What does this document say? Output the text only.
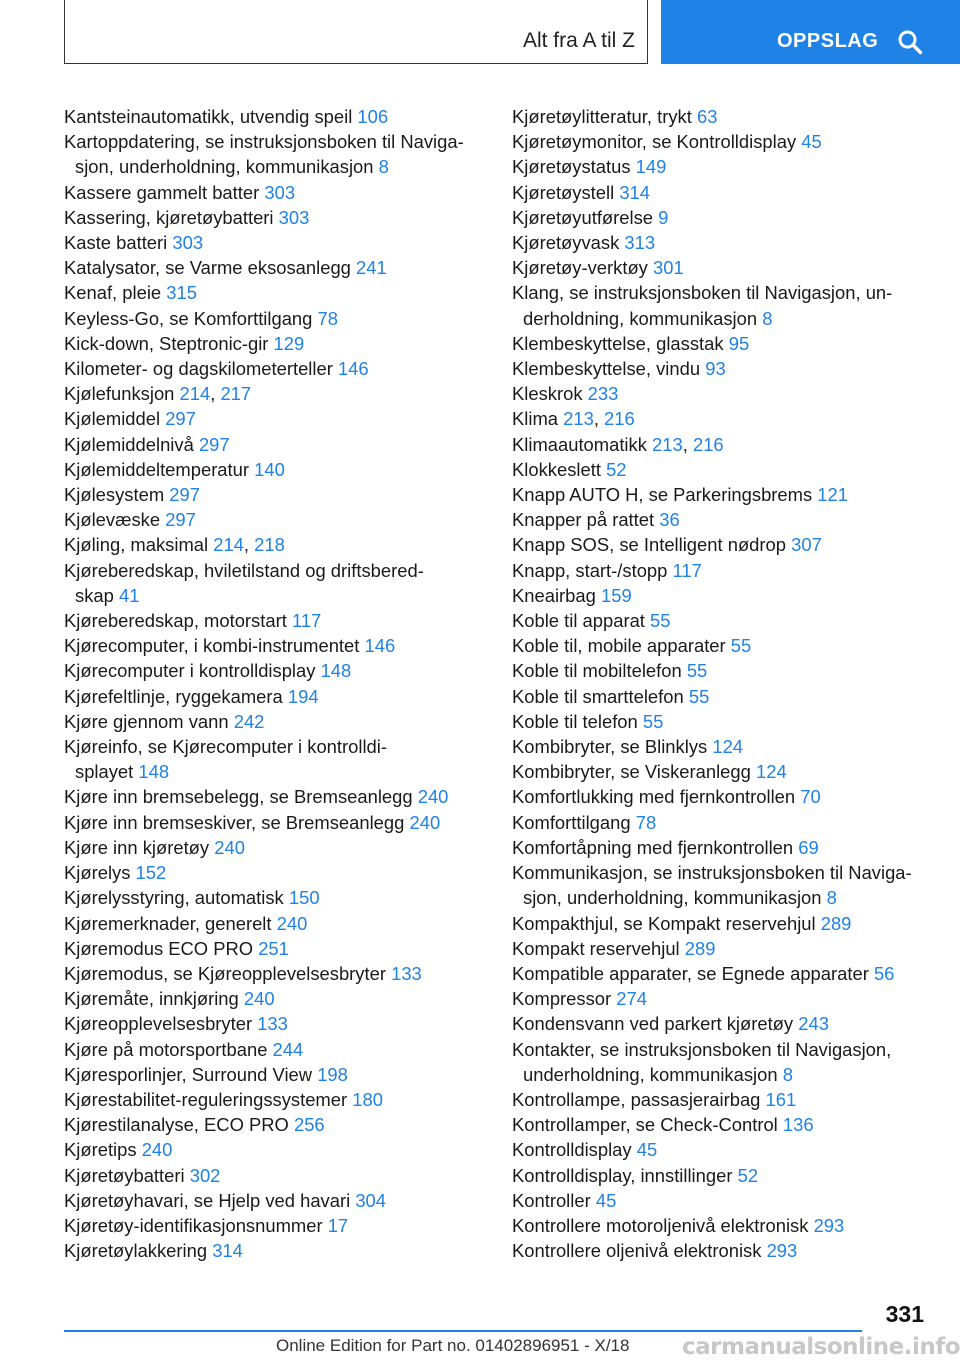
Alt fra A til Z	OPPSLAG
Kantsteinautomatikk, utvendig speil 106
Kartoppdatering, se instruksjonsboken til Naviga-
sjon, underholdning, kommunikasjon 8
Kassere gammelt batter 303
Kassering, kjøretøybatteri 303
Kaste batteri 303
Katalysator, se Varme eksosanlegg 241
Kenaf, pleie 315
Keyless-Go, se Komforttilgang 78
Kick-down, Steptronic-gir 129
Kilometer- og dagskilometerteller 146
Kjølefunksjon 214, 217
Kjølemiddel 297
Kjølemiddelnivå 297
Kjølemiddeltemperatur 140
Kjølesystem 297
Kjølevæske 297
Kjøling, maksimal 214, 218
Kjøreberedskap, hviletilstand og driftsbered-
skap 41
Kjøreberedskap, motorstart 117
Kjørecomputer, i kombi-instrumentet 146
Kjørecomputer i kontrolldisplay 148
Kjørefeltlinje, ryggekamera 194
Kjøre gjennom vann 242
Kjøreinfo, se Kjørecomputer i kontrolldi-
splayet 148
Kjøre inn bremsebelegg, se Bremseanlegg 240
Kjøre inn bremseskiver, se Bremseanlegg 240
Kjøre inn kjøretøy 240
Kjørelys 152
Kjørelysstyring, automatisk 150
Kjøremerknader, generelt 240
Kjøremodus ECO PRO 251
Kjøremodus, se Kjøreopplevelsesbryter 133
Kjøremåte, innkjøring 240
Kjøreopplevelsesbryter 133
Kjøre på motorsportbane 244
Kjøresporlinjer, Surround View 198
Kjørestabilitet-reguleringssystemer 180
Kjørestilanalyse, ECO PRO 256
Kjøretips 240
Kjøretøybatteri 302
Kjøretøyhavari, se Hjelp ved havari 304
Kjøretøy-identifikasjonsnummer 17
Kjøretøylakkering 314
Kjøretøylitteratur, trykt 63
Kjøretøymonitor, se Kontrolldisplay 45
Kjøretøystatus 149
Kjøretøystell 314
Kjøretøyutførelse 9
Kjøretøyvask 313
Kjøretøy-verktøy 301
Klang, se instruksjonsboken til Navigasjon, un-
derholdning, kommunikasjon 8
Klembeskyttelse, glasstak 95
Klembeskyttelse, vindu 93
Kleskrok 233
Klima 213, 216
Klimaautomatikk 213, 216
Klokkeslett 52
Knapp AUTO H, se Parkeringsbrems 121
Knapper på rattet 36
Knapp SOS, se Intelligent nødrop 307
Knapp, start-/stopp 117
Kneairbag 159
Koble til apparat 55
Koble til, mobile apparater 55
Koble til mobiltelefon 55
Koble til smarttelefon 55
Koble til telefon 55
Kombibryter, se Blinklys 124
Kombibryter, se Viskeranlegg 124
Komfortlukking med fjernkontrollen 70
Komforttilgang 78
Komfortåpning med fjernkontrollen 69
Kommunikasjon, se instruksjonsboken til Naviga-
sjon, underholdning, kommunikasjon 8
Kompakthjul, se Kompakt reservehjul 289
Kompakt reservehjul 289
Kompatible apparater, se Egnede apparater 56
Kompressor 274
Kondensvann ved parkert kjøretøy 243
Kontakter, se instruksjonsboken til Navigasjon,
underholdning, kommunikasjon 8
Kontrollampe, passasjerairbag 161
Kontrollamper, se Check-Control 136
Kontrolldisplay 45
Kontrolldisplay, innstillinger 52
Kontroller 45
Kontrollere motoroljenivå elektronisk 293
Kontrollere oljenivå elektronisk 293
331
Online Edition for Part no. 01402896951 - X/18 carmanualsonline.info
